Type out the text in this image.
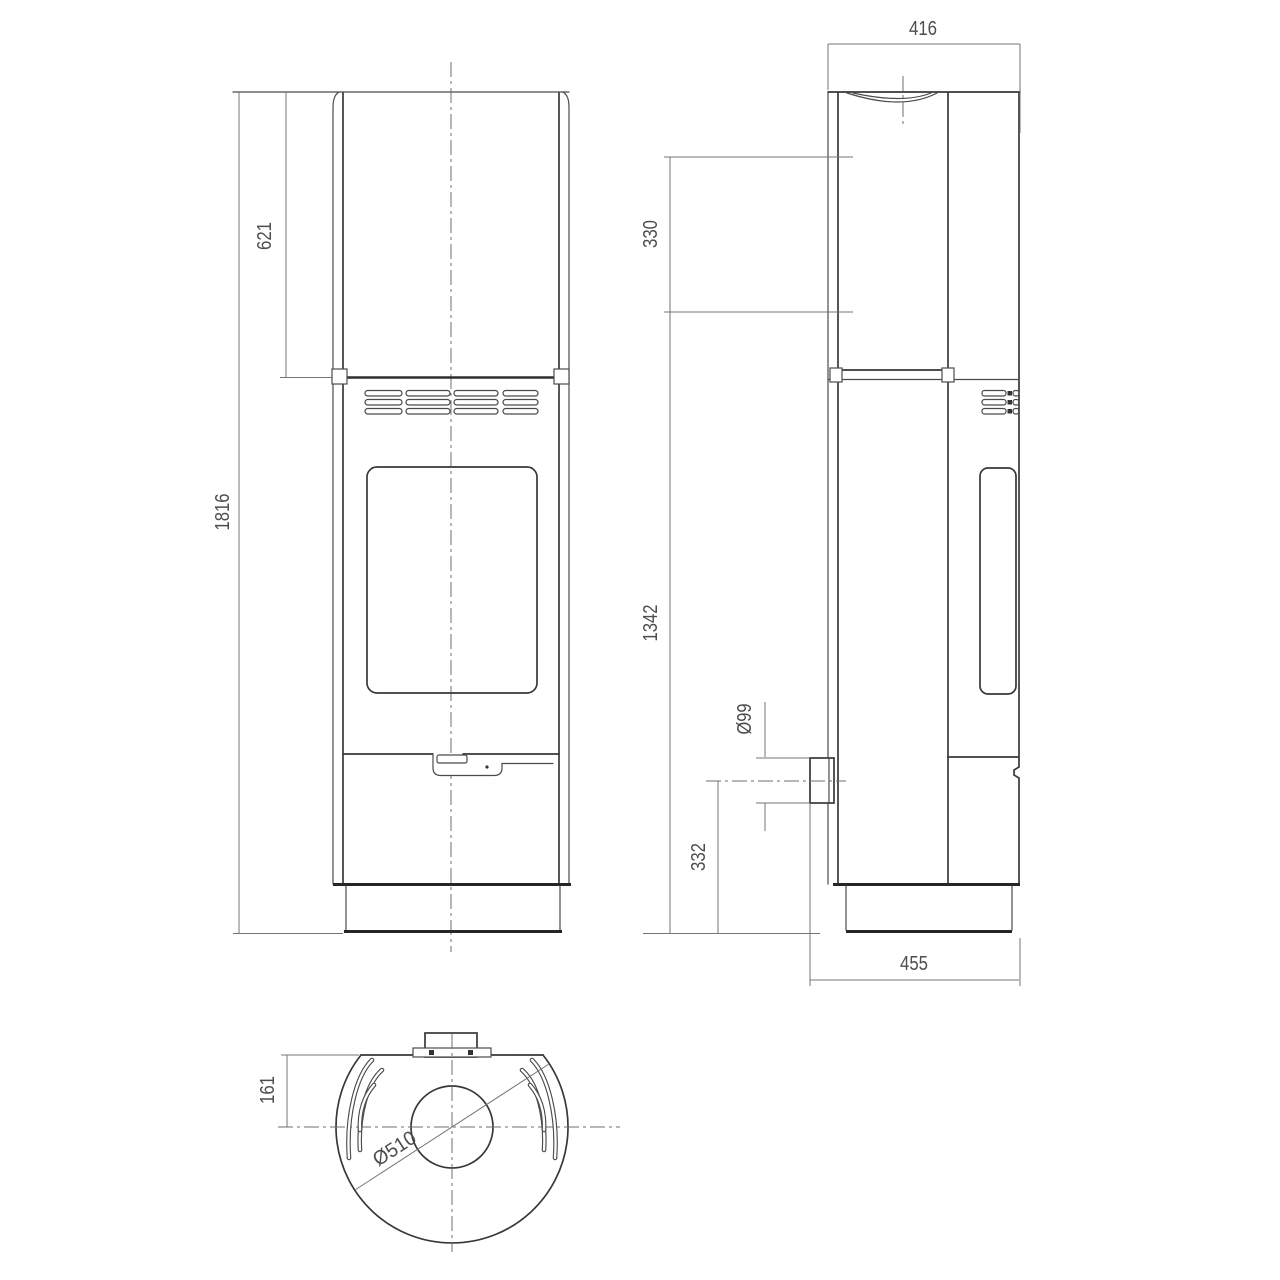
1816
621
416
330
1342
Ø99
332
455
Ø510
161
